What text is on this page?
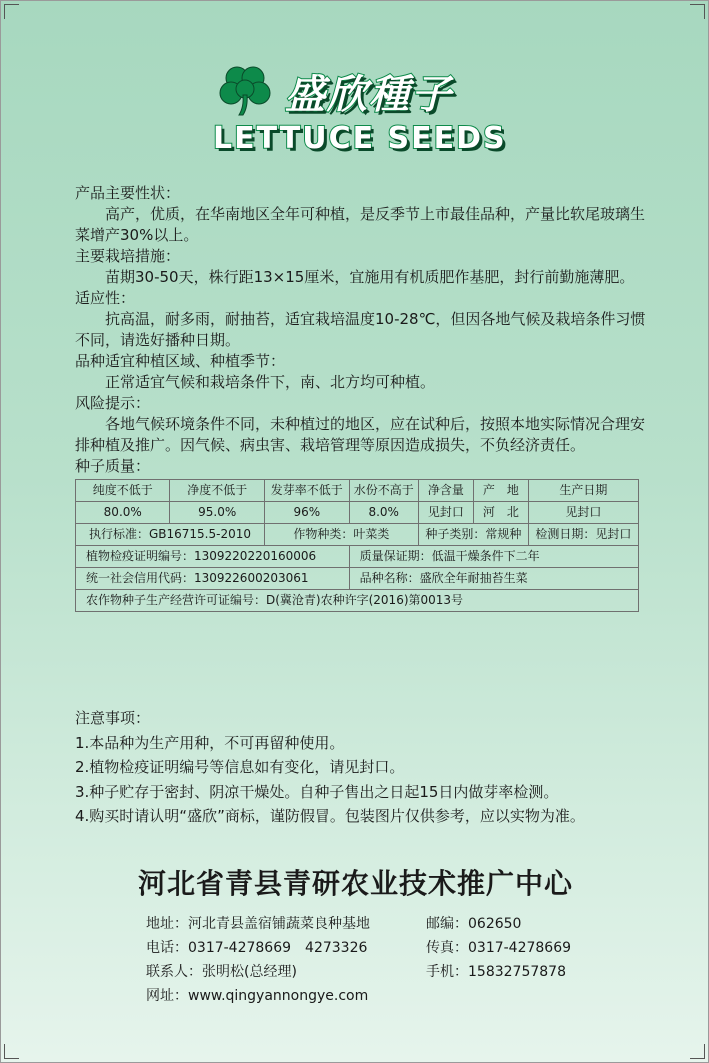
盛欣種子
LETTUCE SEEDS
产品主要性状：
高产，优质，在华南地区全年可种植，是反季节上市最佳品种，产量比软尾玻璃生菜增产30%以上。
主要栽培措施：
苗期30-50天，株行距13×15厘米，宜施用有机质肥作基肥，封行前勤施薄肥。
适应性：
抗高温，耐多雨，耐抽苔，适宜栽培温度10-28℃，但因各地气候及栽培条件习惯不同，请选好播种日期。
品种适宜种植区域、种植季节：
正常适宜气候和栽培条件下，南、北方均可种植。
风险提示：
各地气候环境条件不同，未种植过的地区，应在试种后，按照本地实际情况合理安排种植及推广。因气候、病虫害、栽培管理等原因造成损失，不负经济责任。
种子质量：
纯度不低于	净度不低于	发芽率不低于	水份不高于	净含量	产　地	生产日期
80.0%	95.0%	96%	8.0%	见封口	河　北	见封口
执行标准：GB16715.5-2010		作物种类：叶菜类		种子类别：常规种		检测日期：见封口
植物检疫证明编号：130922022016000​6			质量保证期：低温干燥条件下二年			
统一社会信用代码：130922600203061			品种名称：盛欣全年耐抽苔生菜			
农作物种子生产经营许可证编号：D(冀沧青)农种许字(2016)第0013号						
注意事项：
1.本品种为生产用种，不可再留种使用。
2.植物检疫证明编号等信息如有变化，请见封口。
3.种子贮存于密封、阴凉干燥处。自种子售出之日起15日内做芽率检测。
4.购买时请认明“盛欣”商标，谨防假冒。包装图片仅供参考，应以实物为准。
河北省青县青研农业技术推广中心
地址：河北青县盖宿铺蔬菜良种基地	邮编：062650
电话：0317-4278669　4273326	传真：0317-4278669
联系人：张明松(总经理)	手机：15832757878
网址：www.qingyannongye.com
